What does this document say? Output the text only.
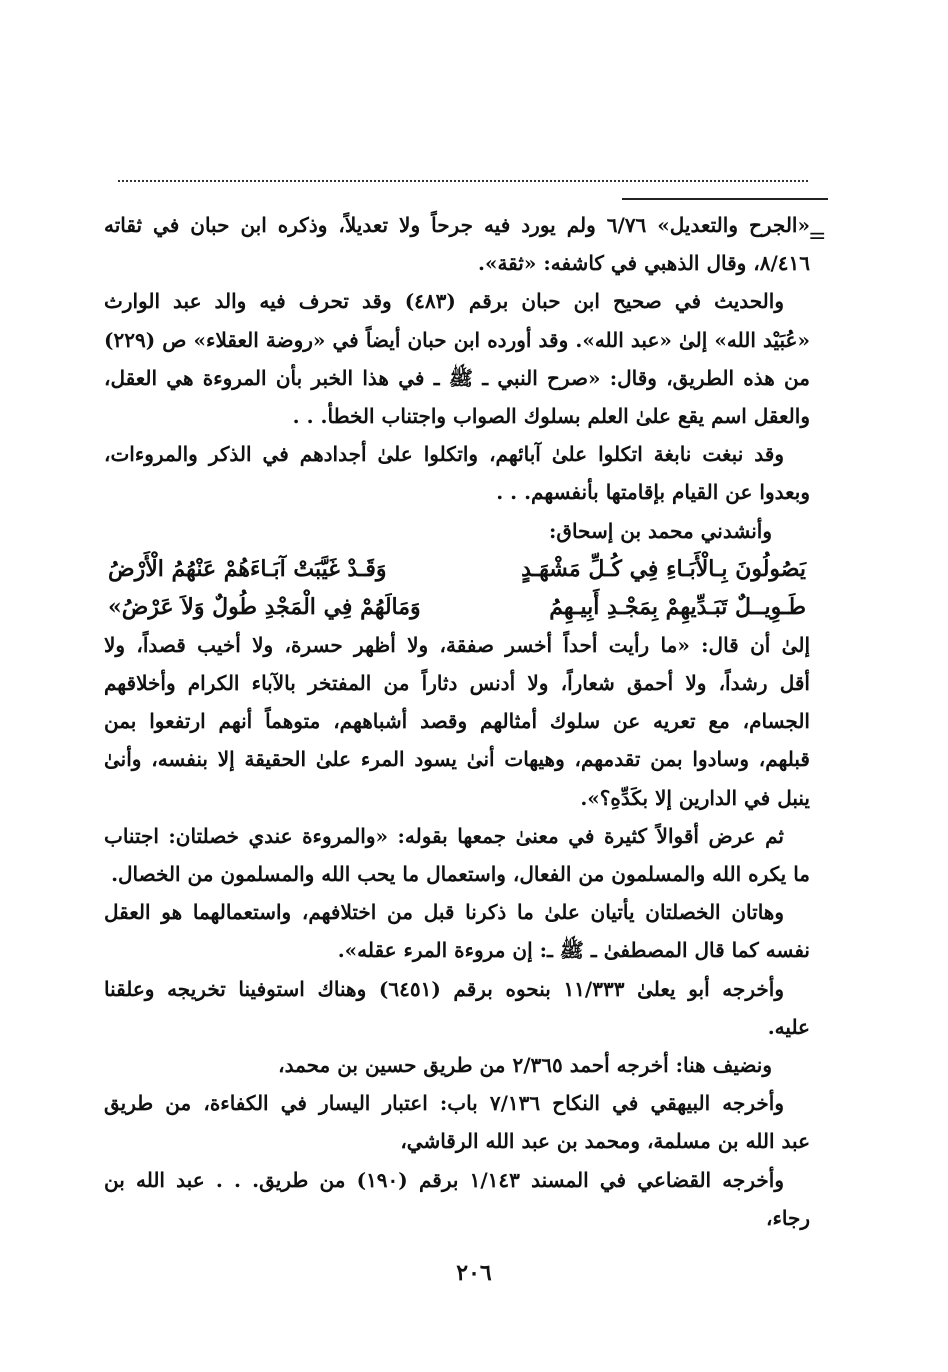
=

«الجرح والتعديل» ٦/٧٦ ولم يورد فيه جرحاً ولا تعديلاً، وذكره ابن حبان في ثقاته

٨/٤١٦، وقال الذهبي في كاشفه: «ثقة».

والحديث في صحيح ابن حبان برقم (٤٨٣) وقد تحرف فيه والد عبد الوارث

«عُبَيْد الله» إلىٰ «عبد الله». وقد أورده ابن حبان أيضاً في «روضة العقلاء» ص (٢٢٩)

من هذه الطريق، وقال: «صرح النبي ـ ﷺ ـ في هذا الخبر بأن المروءة هي العقل،

والعقل اسم يقع علىٰ العلم بسلوك الصواب واجتناب الخطأ. . .

وقد نبغت نابغة اتكلوا علىٰ آبائهم، واتكلوا علىٰ أجدادهم في الذكر والمروءات،

وبعدوا عن القيام بإقامتها بأنفسهم. . .

وأنشدني محمد بن إسحاق:

يَصُولُونَ بِـالْأَبَـاءِ فِي كُـلِّ مَشْهَـدٍ
وَقَـدْ غَيَّبَتْ آبَـاءَهُمْ عَنْهُمُ الْأَرْضُ
طَـوِيــلٌ تَبَـدِّيهِمْ بِمَجْـدِ أَبِيـهِمُ
وَمَالَهُمْ فِي الْمَجْدِ طُولٌ وَلاَ عَرْضُ»

إلىٰ أن قال: «ما رأيت أحداً أخسر صفقة، ولا أظهر حسرة، ولا أخيب قصداً، ولا

أقل رشداً، ولا أحمق شعاراً، ولا أدنس دثاراً من المفتخر بالآباء الكرام وأخلاقهم

الجسام، مع تعريه عن سلوك أمثالهم وقصد أشباههم، متوهماً أنهم ارتفعوا بمن

قبلهم، وسادوا بمن تقدمهم، وهيهات أنىٰ يسود المرء علىٰ الحقيقة إلا بنفسه، وأنىٰ

ينبل في الدارين إلا بكَدِّهِ؟».

ثم عرض أقوالاً كثيرة في معنىٰ جمعها بقوله: «والمروءة عندي خصلتان: اجتناب

ما يكره الله والمسلمون من الفعال، واستعمال ما يحب الله والمسلمون من الخصال.

وهاتان الخصلتان يأتيان علىٰ ما ذكرنا قبل من اختلافهم، واستعمالهما هو العقل

نفسه كما قال المصطفىٰ ـ ﷺ ـ: إن مروءة المرء عقله».

وأخرجه أبو يعلىٰ ١١/٣٣٣ بنحوه برقم (٦٤٥١) وهناك استوفينا تخريجه وعلقنا

عليه.

ونضيف هنا: أخرجه أحمد ٢/٣٦٥ من طريق حسين بن محمد،

وأخرجه البيهقي في النكاح ٧/١٣٦ باب: اعتبار اليسار في الكفاءة، من طريق

عبد الله بن مسلمة، ومحمد بن عبد الله الرقاشي،

وأخرجه القضاعي في المسند ١/١٤٣ برقم (١٩٠) من طريق. . . عبد الله بن

رجاء،

٢٠٦
